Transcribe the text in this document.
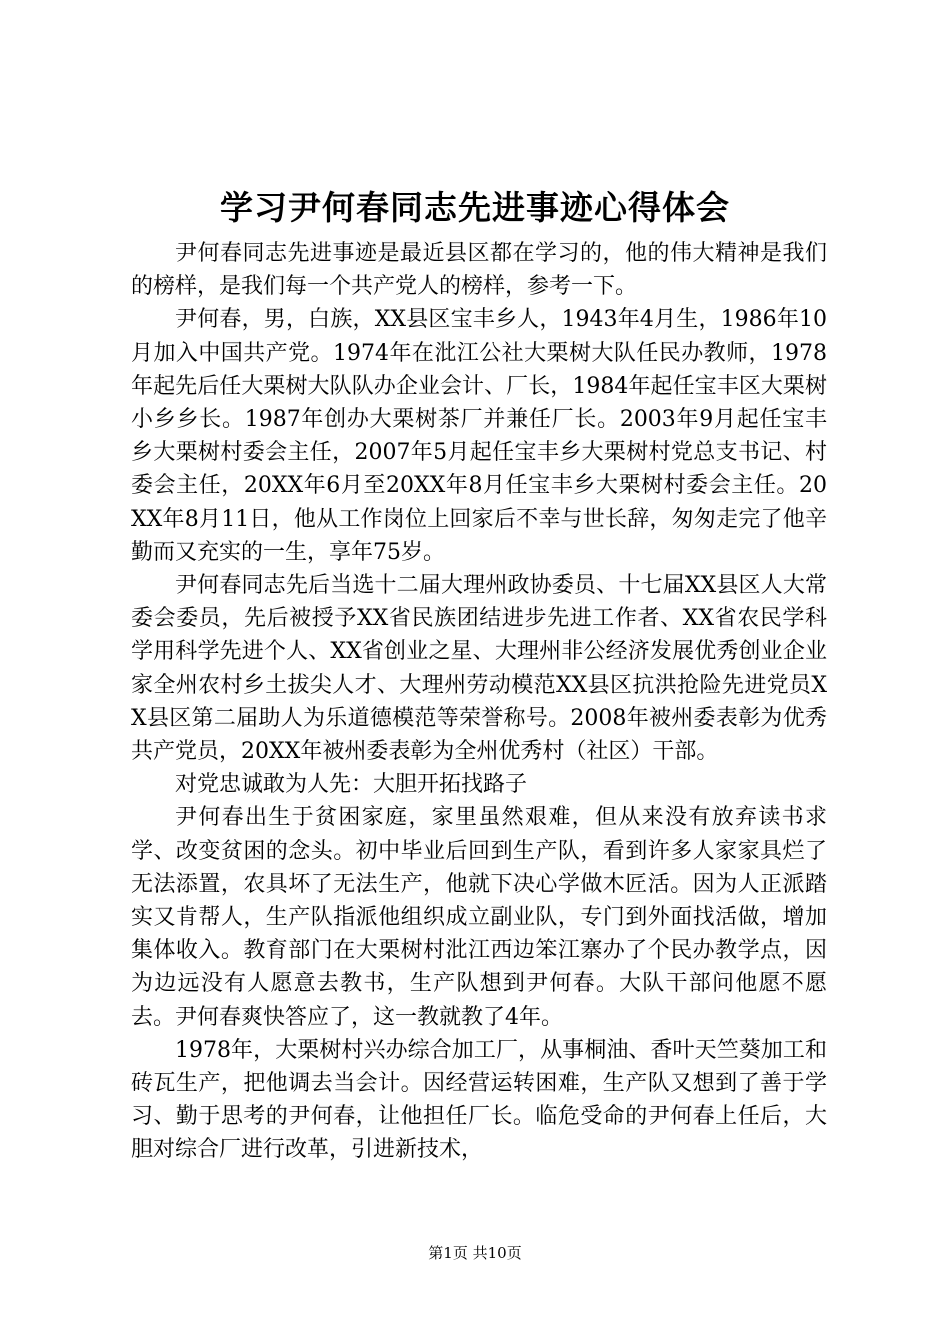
学习尹何春同志先进事迹心得体会

尹何春同志先进事迹是最近县区都在学习的，他的伟大精神是我们的榜样，是我们每一个共产党人的榜样，参考一下。

尹何春，男，白族，XX县区宝丰乡人，1943年4月生，1986年10月加入中国共产党。1974年在沘江公社大栗树大队任民办教师，1978年起先后任大栗树大队队办企业会计、厂长，1984年起任宝丰区大栗树小乡乡长。1987年创办大栗树茶厂并兼任厂长。2003年9月起任宝丰乡大栗树村委会主任，2007年5月起任宝丰乡大栗树村党总支书记、村委会主任，20XX年6月至20XX年8月任宝丰乡大栗树村委会主任。20XX年8月11日，他从工作岗位上回家后不幸与世长辞，匆匆走完了他辛勤而又充实的一生，享年75岁。

尹何春同志先后当选十二届大理州政协委员、十七届XX县区人大常委会委员，先后被授予XX省民族团结进步先进工作者、XX省农民学科学用科学先进个人、XX省创业之星、大理州非公经济发展优秀创业企业家全州农村乡土拔尖人才、大理州劳动模范XX县区抗洪抢险先进党员XX县区第二届助人为乐道德模范等荣誉称号。2008年被州委表彰为优秀共产党员，20XX年被州委表彰为全州优秀村（社区）干部。

对党忠诚敢为人先：大胆开拓找路子

尹何春出生于贫困家庭，家里虽然艰难，但从来没有放弃读书求学、改变贫困的念头。初中毕业后回到生产队，看到许多人家家具烂了无法添置，农具坏了无法生产，他就下决心学做木匠活。因为人正派踏实又肯帮人，生产队指派他组织成立副业队，专门到外面找活做，增加集体收入。教育部门在大栗树村沘江西边笨江寨办了个民办教学点，因为边远没有人愿意去教书，生产队想到尹何春。大队干部问他愿不愿去。尹何春爽快答应了，这一教就教了4年。

1978年，大栗树村兴办综合加工厂，从事桐油、香叶天竺葵加工和砖瓦生产，把他调去当会计。因经营运转困难，生产队又想到了善于学习、勤于思考的尹何春，让他担任厂长。临危受命的尹何春上任后，大胆对综合厂进行改革，引进新技术，

第1页 共10页
